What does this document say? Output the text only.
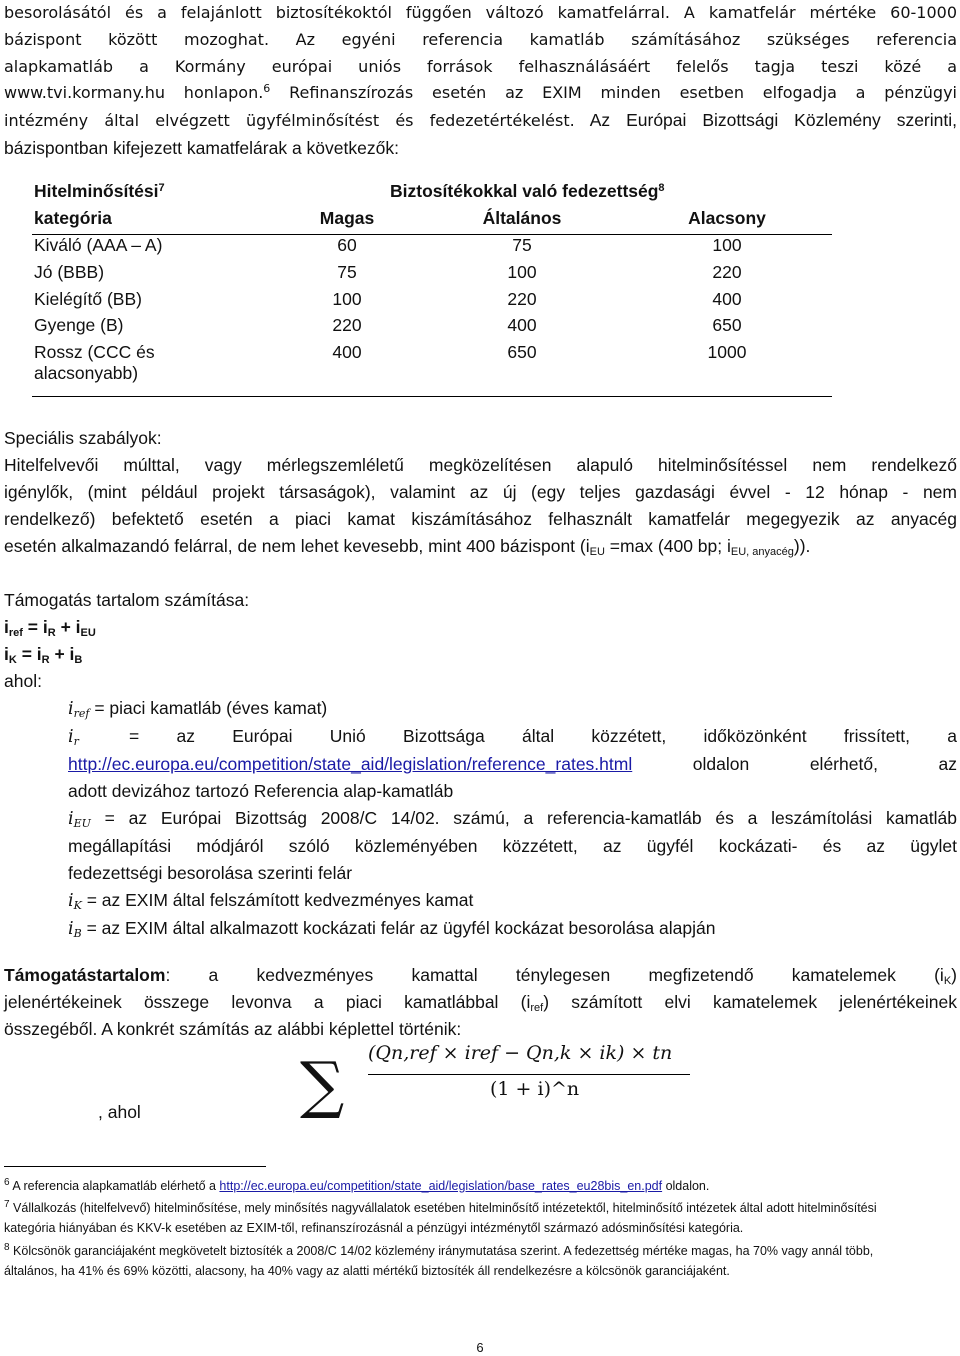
besorolásától és a felajánlott biztosítékoktól függően változó kamatfelárral. A kamatfelár mértéke 60-1000
bázispont között mozoghat. Az egyéni referencia kamatláb számításához szükséges referencia
alapkamatláb a Kormány európai uniós források felhasználásáért felelős tagja teszi közé a
www.tvi.kormany.hu honlapon.$^6$ Refinanszírozás esetén az EXIM minden esetben elfogadja a pénzügyi
intézmény által elvégzett ügyfélminősítést és fedezetértékelést. Az Európai Bizottsági Közlemény szerinti,
bázispontban kifejezett kamatfelárak a következők:
Hitelminősítési$^7$	Biztosítékokkal való fedezettség$^8$
kategória	Magas	Általános	Alacsony
Kiváló (AAA – A)	60	75	100
Jó (BBB)	75	100	220
Kielégítő (BB)	100	220	400
Gyenge (B)	220	400	650
Rossz (CCC és
alacsonyabb)	400	650	1000
Speciális szabályok:
Hitelfelvevői múlttal, vagy mérlegszemléletű megközelítésen alapuló hitelminősítéssel nem rendelkező
igénylők, (mint például projekt társaságok), valamint az új (egy teljes gazdasági évvel - 12 hónap - nem
rendelkező) befektető esetén a piaci kamat kiszámításához felhasznált kamatfelár megegyezik az anyacég
esetén alkalmazandó felárral, de nem lehet kevesebb, mint 400 bázispont ($i_{EU} =\max$ (400 bp; $i_{EU, anyacég}$)).
Támogatás tartalom számítása:
$i_{ref} = i_R + i_{EU}$
$i_K = i_R + i_B$
ahol:
$i_{ref}$ = piaci kamatláb (éves kamat)
$i_r$	= az Európai Unió Bizottsága által közzétett, időközönként frissített, a
http://ec.europa.eu/competition/state_aid/legislation/reference_rates.html oldalon elérhető, az
adott devizához tartozó Referencia alap-kamatláb
$i_{EU}$ = az Európai Bizottság 2008/C 14/02. számú, a referencia-kamatláb és a leszámítolási kamatláb
megállapítási módjáról szóló közleményében közzétett, az ügyfél kockázati- és az ügylet
fedezettségi besorolása szerinti felár
$i_K$ = az EXIM által felszámított kedvezményes kamat
$i_B$ = az EXIM által alkalmazott kockázati felár az ügyfél kockázat besorolása alapján
Támogatástartalom: a kedvezményes kamattal ténylegesen megfizetendő kamatelemek $(i_K)$
jelenértékeinek összege levonva a piaci kamatlábbal $(i_{ref})$ számított elvi kamatelemek jelenértékeinek
összegéből. A konkrét számítás az alábbi képlettel történik:
∑ (Qn,ref × iref − Qn,k × ik) × tn
(1 + i)^n
, ahol
$^6$ A referencia alapkamatláb elérhető a http://ec.europa.eu/competition/state_aid/legislation/base_rates_eu28bis_en.pdf oldalon.
$^7$ Vállalkozás (hitelfelvevő) hitelminősítése, mely minősítés nagyvállalatok esetében hitelminősítő intézetektől, hitelminősítő intézetek által adott hitelminősítési
kategória hiányában és KKV-k esetében az EXIM-től, refinanszírozásnál a pénzügyi intézménytől származó adósminősítési kategória.
$^8$ Kölcsönök garanciájaként megkövetelt biztosíték a 2008/C 14/02 közlemény iránymutatása szerint. A fedezettség mértéke magas, ha 70% vagy annál több,
általános, ha 41% és 69% közötti, alacsony, ha 40% vagy az alatti mértékű biztosíték áll rendelkezésre a kölcsönök garanciájaként.
6
